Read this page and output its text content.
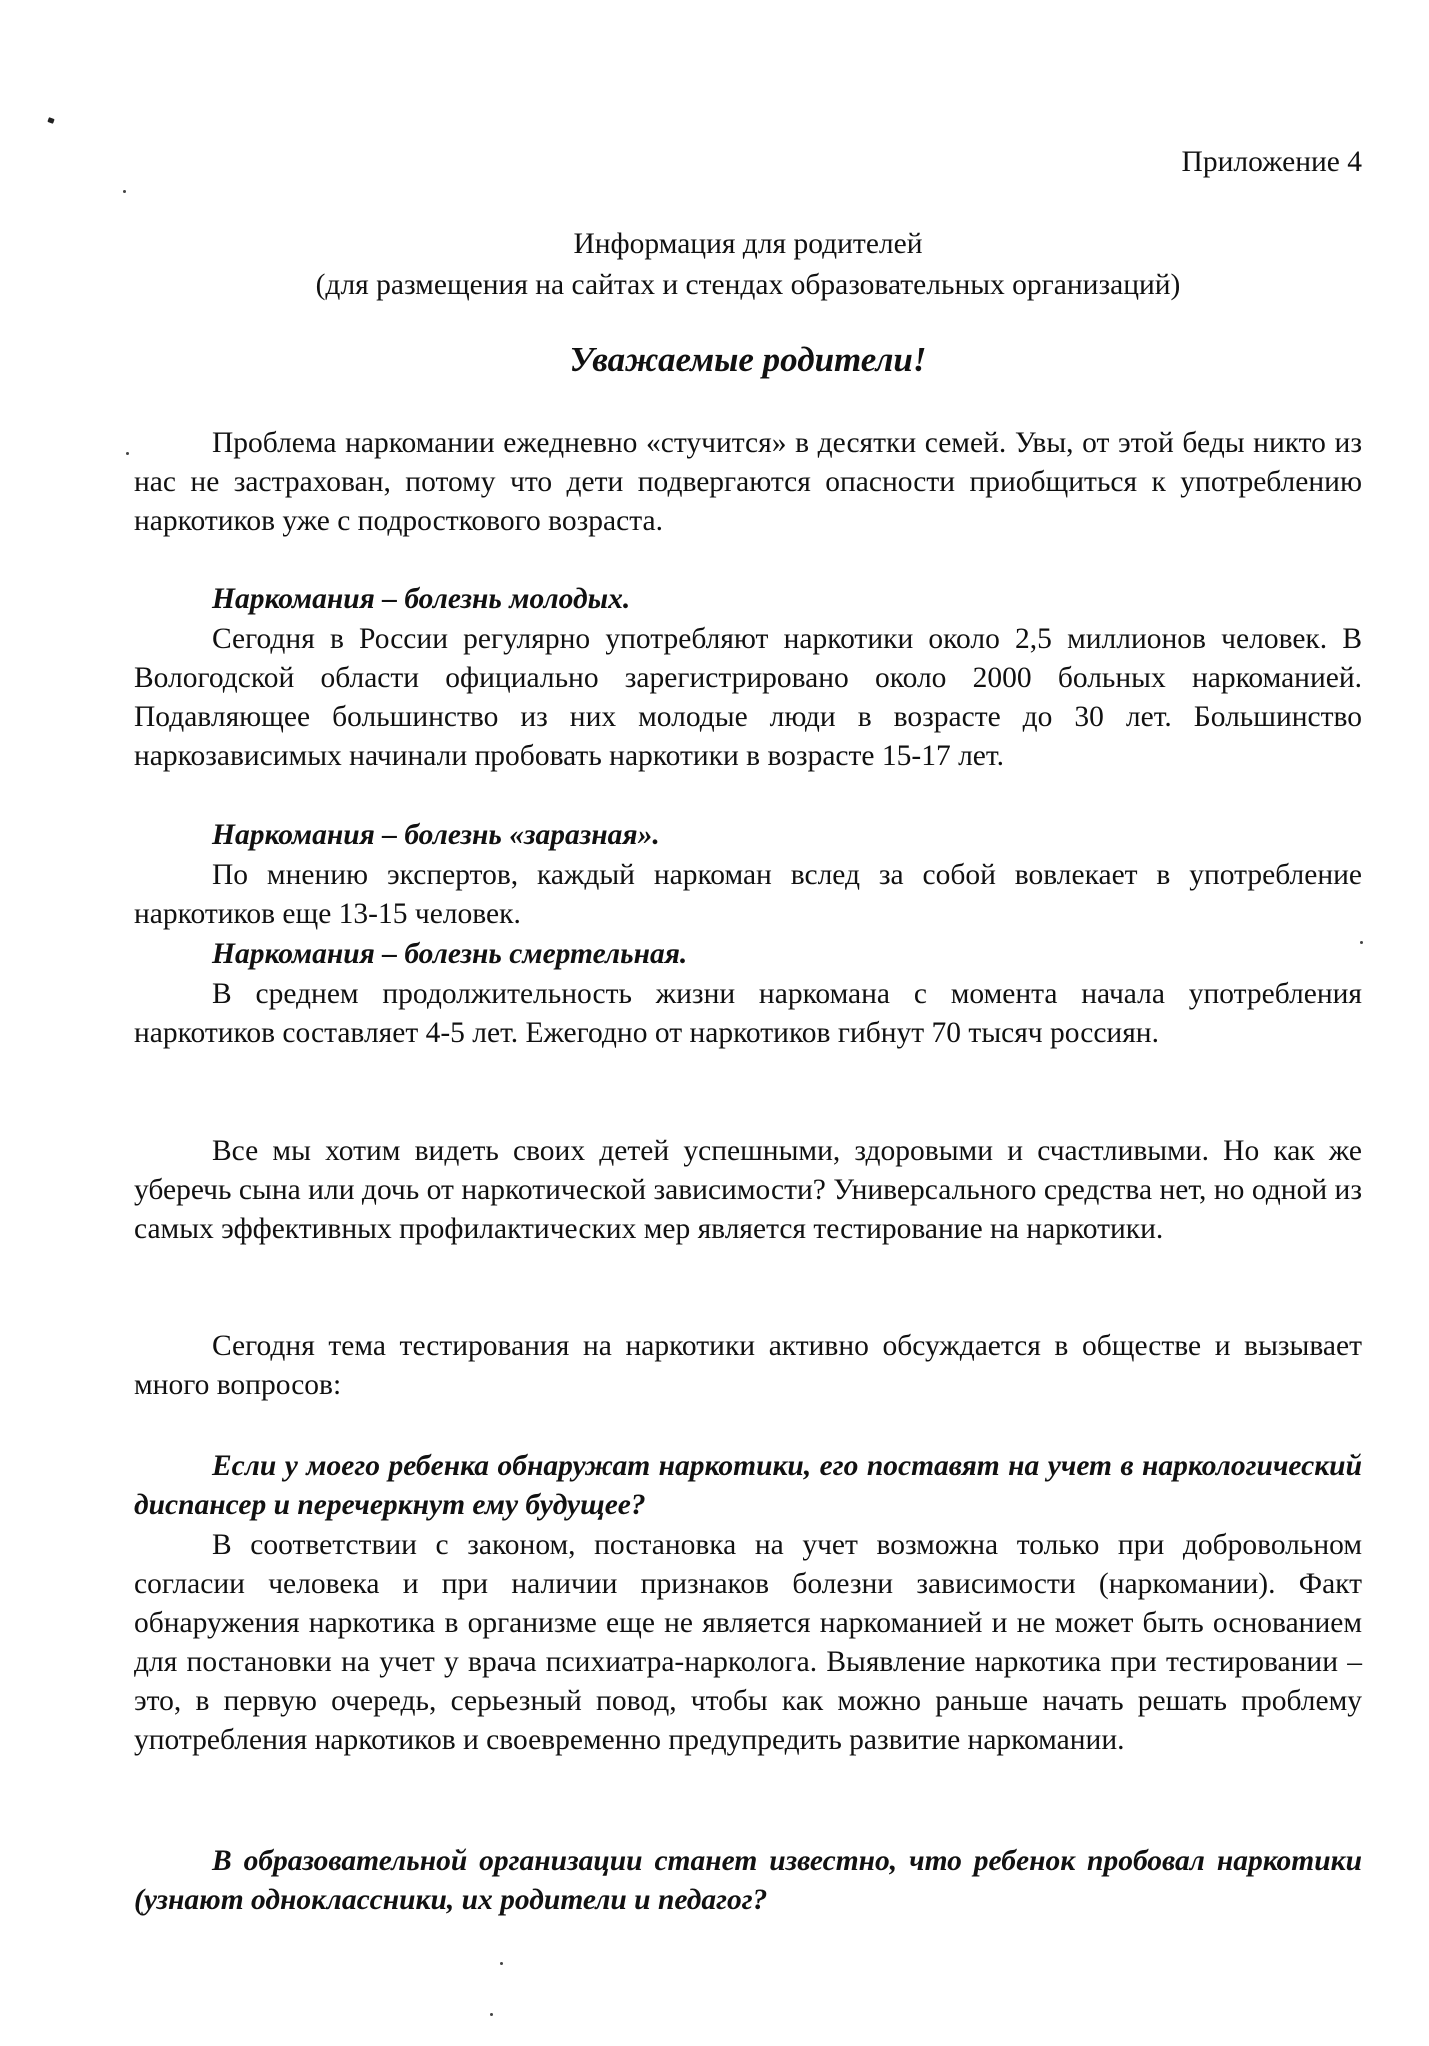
Приложение 4

Информация для родителей

(для размещения на сайтах и стендах образовательных организаций)

Уважаемые родители!

Проблема наркомании ежедневно «стучится» в десятки семей. Увы, от этой беды никто из нас не застрахован, потому что дети подвергаются опасности приобщиться к употреблению наркотиков уже с подросткового возраста.

Наркомания – болезнь молодых.

Сегодня в России регулярно употребляют наркотики около 2,5 миллионов человек. В Вологодской области официально зарегистрировано около 2000 больных наркоманией. Подавляющее большинство из них молодые люди в возрасте до 30 лет. Большинство наркозависимых начинали пробовать наркотики в возрасте 15-17 лет.

Наркомания – болезнь «заразная».

По мнению экспертов, каждый наркоман вслед за собой вовлекает в употребление наркотиков еще 13-15 человек.

Наркомания – болезнь смертельная.

В среднем продолжительность жизни наркомана с момента начала употребления наркотиков составляет 4-5 лет. Ежегодно от наркотиков гибнут 70 тысяч россиян.

Все мы хотим видеть своих детей успешными, здоровыми и счастливыми. Но как же уберечь сына или дочь от наркотической зависимости? Универсального средства нет, но одной из самых эффективных профилактических мер является тестирование на наркотики.

Сегодня тема тестирования на наркотики активно обсуждается в обществе и вызывает много вопросов:

Если у моего ребенка обнаружат наркотики, его поставят на учет в наркологический диспансер и перечеркнут ему будущее?

В соответствии с законом, постановка на учет возможна только при добровольном согласии человека и при наличии признаков болезни зависимости (наркомании). Факт обнаружения наркотика в организме еще не является наркоманией и не может быть основанием для постановки на учет у врача психиатра-нарколога. Выявление наркотика при тестировании – это, в первую очередь, серьезный повод, чтобы как можно раньше начать решать проблему употребления наркотиков и своевременно предупредить развитие наркомании.

В образовательной организации станет известно, что ребенок пробовал наркотики (узнают одноклассники, их родители и педагог?
